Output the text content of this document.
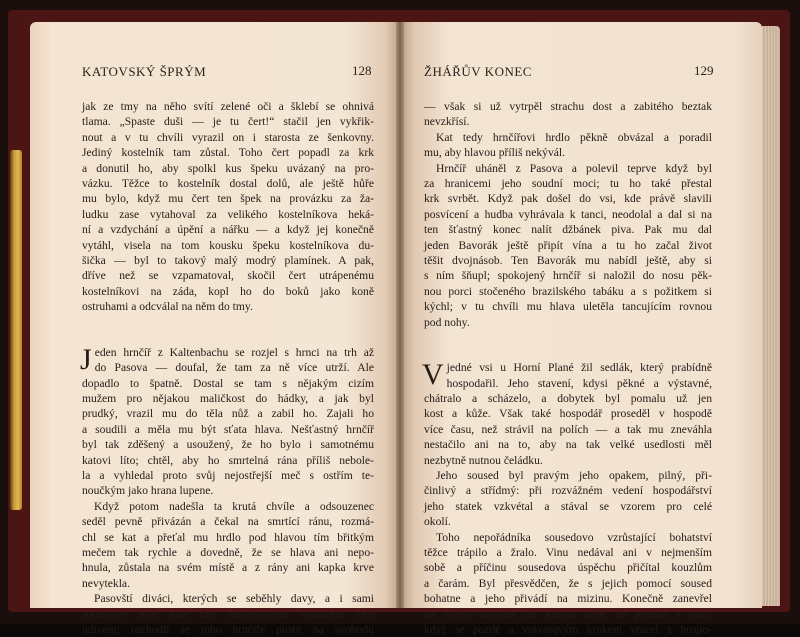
KATOVSKÝ ŠPRÝM	128

jak ze tmy na něho svítí zelené oči a šklebí se ohnivá
tlama. „Spaste duši — je tu čert!“ stačil jen vykřik-
nout a v tu chvíli vyrazil on i starosta ze šenkovny.
Jediný kostelník tam zůstal. Toho čert popadl za krk
a donutil ho, aby spolkl kus špeku uvázaný na pro-
vázku. Těžce to kostelník dostal dolů, ale ještě hůře
mu bylo, když mu čert ten špek na provázku za ža-
ludku zase vytahoval za velikého kostelníkova heká-
ní a vzdychání a úpění a nářku — a když jej konečně
vytáhl, visela na tom kousku špeku kostelníkova du-
šička — byl to takový malý modrý plamínek. A pak,
dříve než se vzpamatoval, skočil čert utrápenému
kostelníkovi na záda, kopl ho do boků jako koně
ostruhami a odcválal na něm do tmy.

J eden hrnčíř z Kaltenbachu se rozjel s hrnci na trh až
do Pasova — doufal, že tam za ně více utrží. Ale
dopadlo to špatně. Dostal se tam s nějakým cizím
mužem pro nějakou maličkost do hádky, a jak byl
prudký, vrazil mu do těla nůž a zabil ho. Zajali ho
a soudili a měla mu být sťata hlava. Nešťastný hrnčíř
byl tak zděšený a usoužený, že ho bylo i samotnému
katovi líto; chtěl, aby ho smrtelná rána příliš nebole-
la a vyhledal proto svůj nejostřejší meč s ostřím te-
noučkým jako hrana lupene.

Když potom nadešla ta krutá chvíle a odsouzenec
seděl pevně přivázán a čekal na smrtící ránu, rozmá-
chl se kat a přeťal mu hrdlo pod hlavou tím břitkým
mečem tak rychle a dovedně, že se hlava ani nepo-
hnula, zůstala na svém místě a z rány ani kapka krve
nevytekla.

Pasovští diváci, kterých se seběhly davy, a i sami
soudcové byli nad tím mistrovským kouskem celí
udiveni; rozhodli se toho hrnčíře pustit na svobodu

ŽHÁŘŮV KONEC	129

— však si už vytrpěl strachu dost a zabitého beztak
nevzkřísí.

Kat tedy hrnčířovi hrdlo pěkně obvázal a poradil
mu, aby hlavou příliš nekývál.

Hrnčíř uháněl z Pasova a polevil teprve když byl
za hranicemi jeho soudní moci; tu ho také přestal
krk svrbět. Když pak došel do vsi, kde právě slavili
posvícení a hudba vyhrávala k tanci, neodolal a dal si na
ten šťastný konec nalít džbánek piva. Pak mu dal
jeden Bavorák ještě připít vína a tu ho začal život
těšit dvojnásob. Ten Bavorák mu nabídl ještě, aby si
s ním šňupl; spokojený hrnčíř si naložil do nosu pěk-
nou porci stočeného brazilského tabáku a s požitkem si
kýchl; v tu chvíli mu hlava uletěla tancujícím rovnou
pod nohy.

V jedné vsi u Horní Plané žil sedlák, který prabídně
hospodařil. Jeho stavení, kdysi pěkné a výstavné,
chátralo a scházelo, a dobytek byl pomalu už jen
kost a kůže. Však také hospodář proseděl v hospodě
více času, než strávil na polích — a tak mu zneváhla
nestačilo ani na to, aby na tak velké usedlosti měl
nezbytně nutnou čeládku.

Jeho soused byl pravým jeho opakem, pilný, při-
činlivý a střídmý: při rozvážném vedení hospodářství
jeho statek vzkvétal a stával se vzorem pro celé
okolí.

Toho nepořádníka sousedovo vzrůstající bohatství
těžce trápilo a žralo. Vinu nedával ani v nejmenším
sobě a příčinu sousedova úspěchu přičítal kouzlům
a čarám. Byl přesvědčen, že s jejich pomocí soused
bohatne a jeho přivádí na mizinu. Konečně zanevřel
na svého souseda tak krutou zášti, že jednou v noci,
když se pozdě a vrávoravým krokem vracel z hospo-
